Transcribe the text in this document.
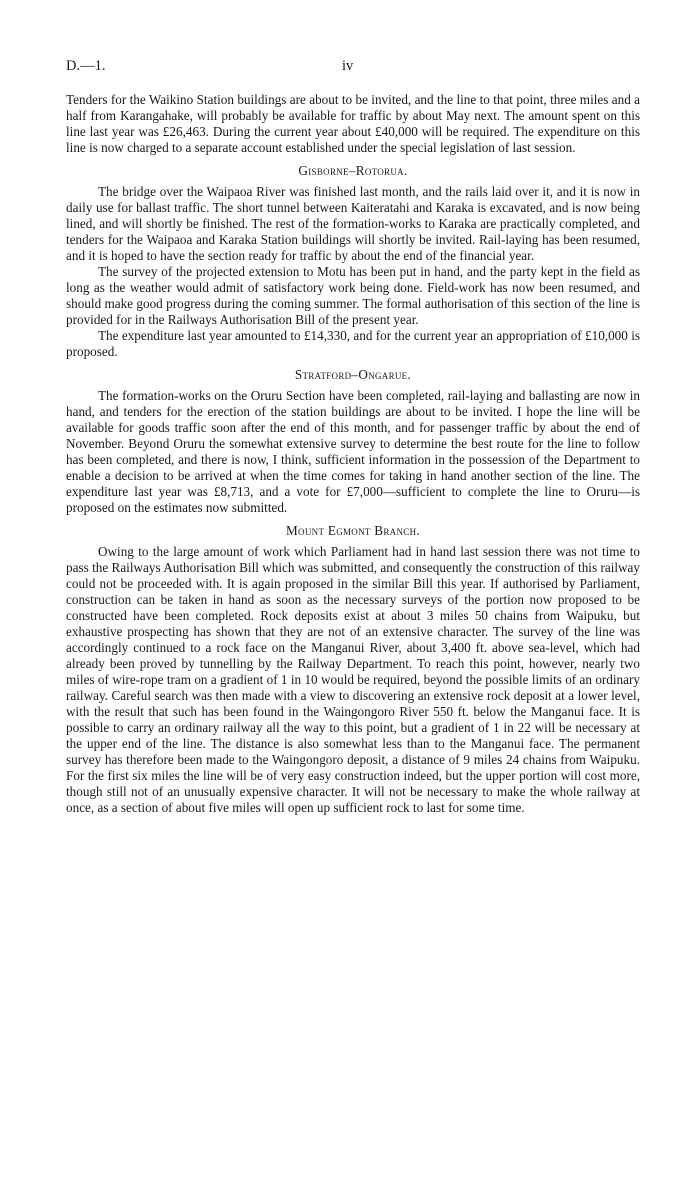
D.—1.	iv

Tenders for the Waikino Station buildings are about to be invited, and the line to that point, three miles and a half from Karangahake, will probably be available for traffic by about May next. The amount spent on this line last year was £26,463. During the current year about £40,000 will be required. The expenditure on this line is now charged to a separate account established under the special legislation of last session.

Gisborne–Rotorua.

The bridge over the Waipaoa River was finished last month, and the rails laid over it, and it is now in daily use for ballast traffic. The short tunnel between Kaiteratahi and Karaka is excavated, and is now being lined, and will shortly be finished. The rest of the formation-works to Karaka are practically completed, and tenders for the Waipaoa and Karaka Station buildings will shortly be invited. Rail-laying has been resumed, and it is hoped to have the section ready for traffic by about the end of the financial year.

The survey of the projected extension to Motu has been put in hand, and the party kept in the field as long as the weather would admit of satisfactory work being done. Field-work has now been resumed, and should make good progress during the coming summer. The formal authorisation of this section of the line is provided for in the Railways Authorisation Bill of the present year.

The expenditure last year amounted to £14,330, and for the current year an appropriation of £10,000 is proposed.

Stratford–Ongarue.

The formation-works on the Oruru Section have been completed, rail-laying and ballasting are now in hand, and tenders for the erection of the station buildings are about to be invited. I hope the line will be available for goods traffic soon after the end of this month, and for passenger traffic by about the end of November. Beyond Oruru the somewhat extensive survey to determine the best route for the line to follow has been completed, and there is now, I think, sufficient information in the possession of the Department to enable a decision to be arrived at when the time comes for taking in hand another section of the line. The expenditure last year was £8,713, and a vote for £7,000—sufficient to complete the line to Oruru—is proposed on the estimates now submitted.

Mount Egmont Branch.

Owing to the large amount of work which Parliament had in hand last session there was not time to pass the Railways Authorisation Bill which was submitted, and consequently the construction of this railway could not be proceeded with. It is again proposed in the similar Bill this year. If authorised by Parliament, construction can be taken in hand as soon as the necessary surveys of the portion now proposed to be constructed have been completed. Rock deposits exist at about 3 miles 50 chains from Waipuku, but exhaustive prospecting has shown that they are not of an extensive character. The survey of the line was accordingly continued to a rock face on the Manganui River, about 3,400 ft. above sea-level, which had already been proved by tunnelling by the Railway Department. To reach this point, however, nearly two miles of wire-rope tram on a gradient of 1 in 10 would be required, beyond the possible limits of an ordinary railway. Careful search was then made with a view to discovering an extensive rock deposit at a lower level, with the result that such has been found in the Waingongoro River 550 ft. below the Manganui face. It is possible to carry an ordinary railway all the way to this point, but a gradient of 1 in 22 will be necessary at the upper end of the line. The distance is also somewhat less than to the Manganui face. The permanent survey has therefore been made to the Waingongoro deposit, a distance of 9 miles 24 chains from Waipuku. For the first six miles the line will be of very easy construction indeed, but the upper portion will cost more, though still not of an unusually expensive character. It will not be necessary to make the whole railway at once, as a section of about five miles will open up sufficient rock to last for some time.
